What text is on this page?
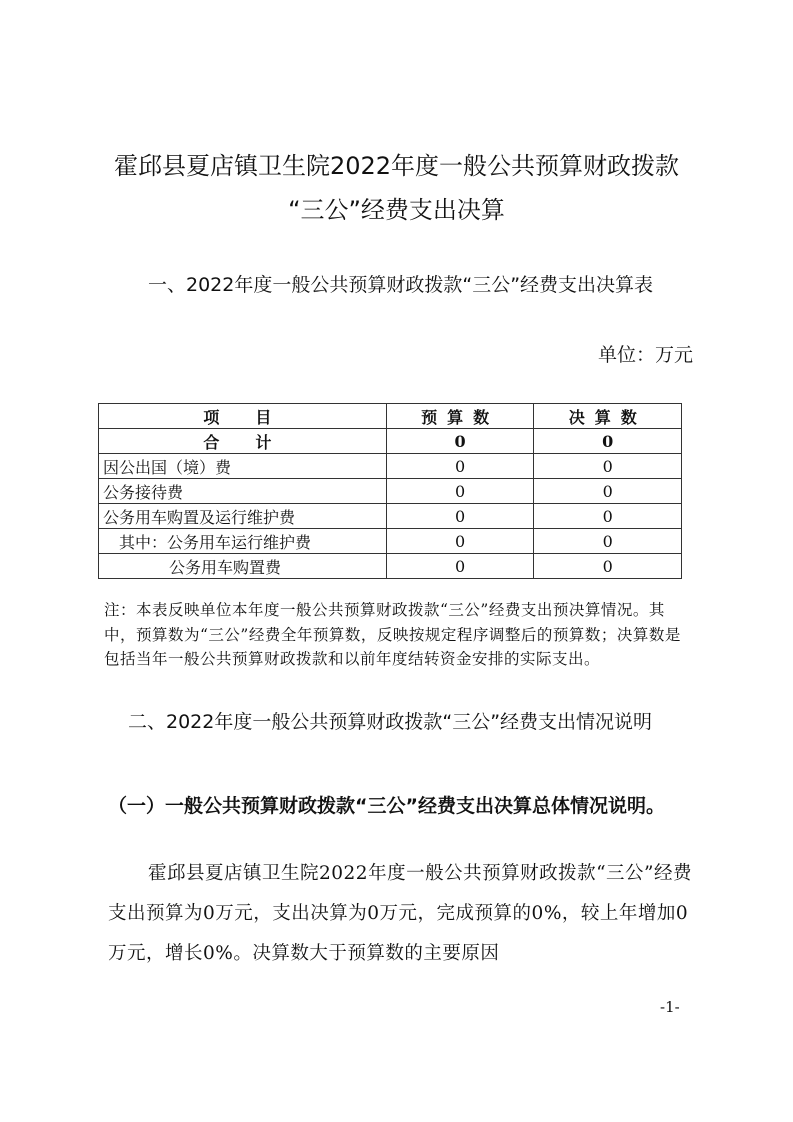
霍邱县夏店镇卫生院2022年度一般公共预算财政拨款
“三公”经费支出决算
一、2022年度一般公共预算财政拨款“三公”经费支出决算表
单位：万元
项　目	预算数	决算数
合　计	0	0
因公出国（境）费	0	0
公务接待费	0	0
公务用车购置及运行维护费	0	0
其中：公务用车运行维护费	0	0
公务用车购置费	0	0
注：本表反映单位本年度一般公共预算财政拨款“三公”经费支出预决算情况。其中，预算数为“三公”经费全年预算数，反映按规定程序调整后的预算数；决算数是包括当年一般公共预算财政拨款和以前年度结转资金安排的实际支出。
二、2022年度一般公共预算财政拨款“三公”经费支出情况说明
（一）一般公共预算财政拨款“三公”经费支出决算总体情况说明。
霍邱县夏店镇卫生院2022年度一般公共预算财政拨款“三公”经费支出预算为0万元，支出决算为0万元，完成预算的0%，较上年增加0万元，增长0%。决算数大于预算数的主要原因
-1-
